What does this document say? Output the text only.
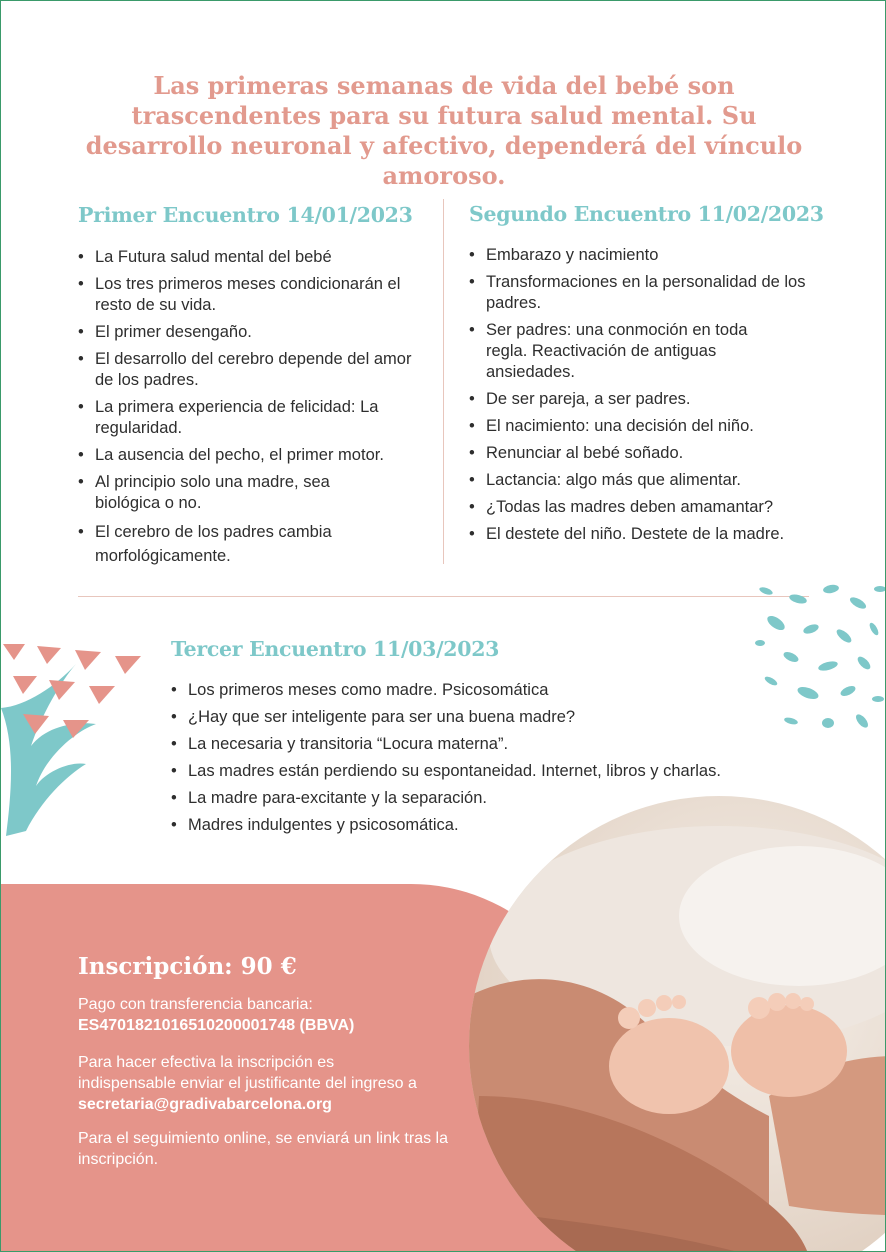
Las primeras semanas de vida del bebé son trascendentes para su futura salud mental. Su desarrollo neuronal y afectivo, dependerá del vínculo amoroso.

Primer Encuentro 14/01/2023
• La Futura salud mental del bebé
• Los tres primeros meses condicionarán el resto de su vida.
• El primer desengaño.
• El desarrollo del cerebro depende del amor de los padres.
• La primera experiencia de felicidad: La regularidad.
• La ausencia del pecho, el primer motor.
• Al principio solo una madre, sea biológica o no.
• El cerebro de los padres cambia morfológicamente.
Segundo Encuentro 11/02/2023
• Embarazo y nacimiento
• Transformaciones en la personalidad de los padres.
• Ser padres: una conmoción en toda regla. Reactivación de antiguas ansiedades.
• De ser pareja, a ser padres.
• El nacimiento: una decisión del niño.
• Renunciar al bebé soñado.
• Lactancia: algo más que alimentar.
• ¿Todas las madres deben amamantar?
• El destete del niño. Destete de la madre.
Tercer Encuentro 11/03/2023
• Los primeros meses como madre. Psicosomática
• ¿Hay que ser inteligente para ser una buena madre?
• La necesaria y transitoria “Locura materna”.
• Las madres están perdiendo su espontaneidad. Internet, libros y charlas.
• La madre para-excitante y la separación.
• Madres indulgentes y psicosomática.
Inscripción: 90 €

Pago con transferencia bancaria:
ES4701821016510200001748 (BBVA)

Para hacer efectiva la inscripción es indispensable enviar el justificante del ingreso a secretaria@gradivabarcelona.org

Para el seguimiento online, se enviará un link tras la inscripción.
